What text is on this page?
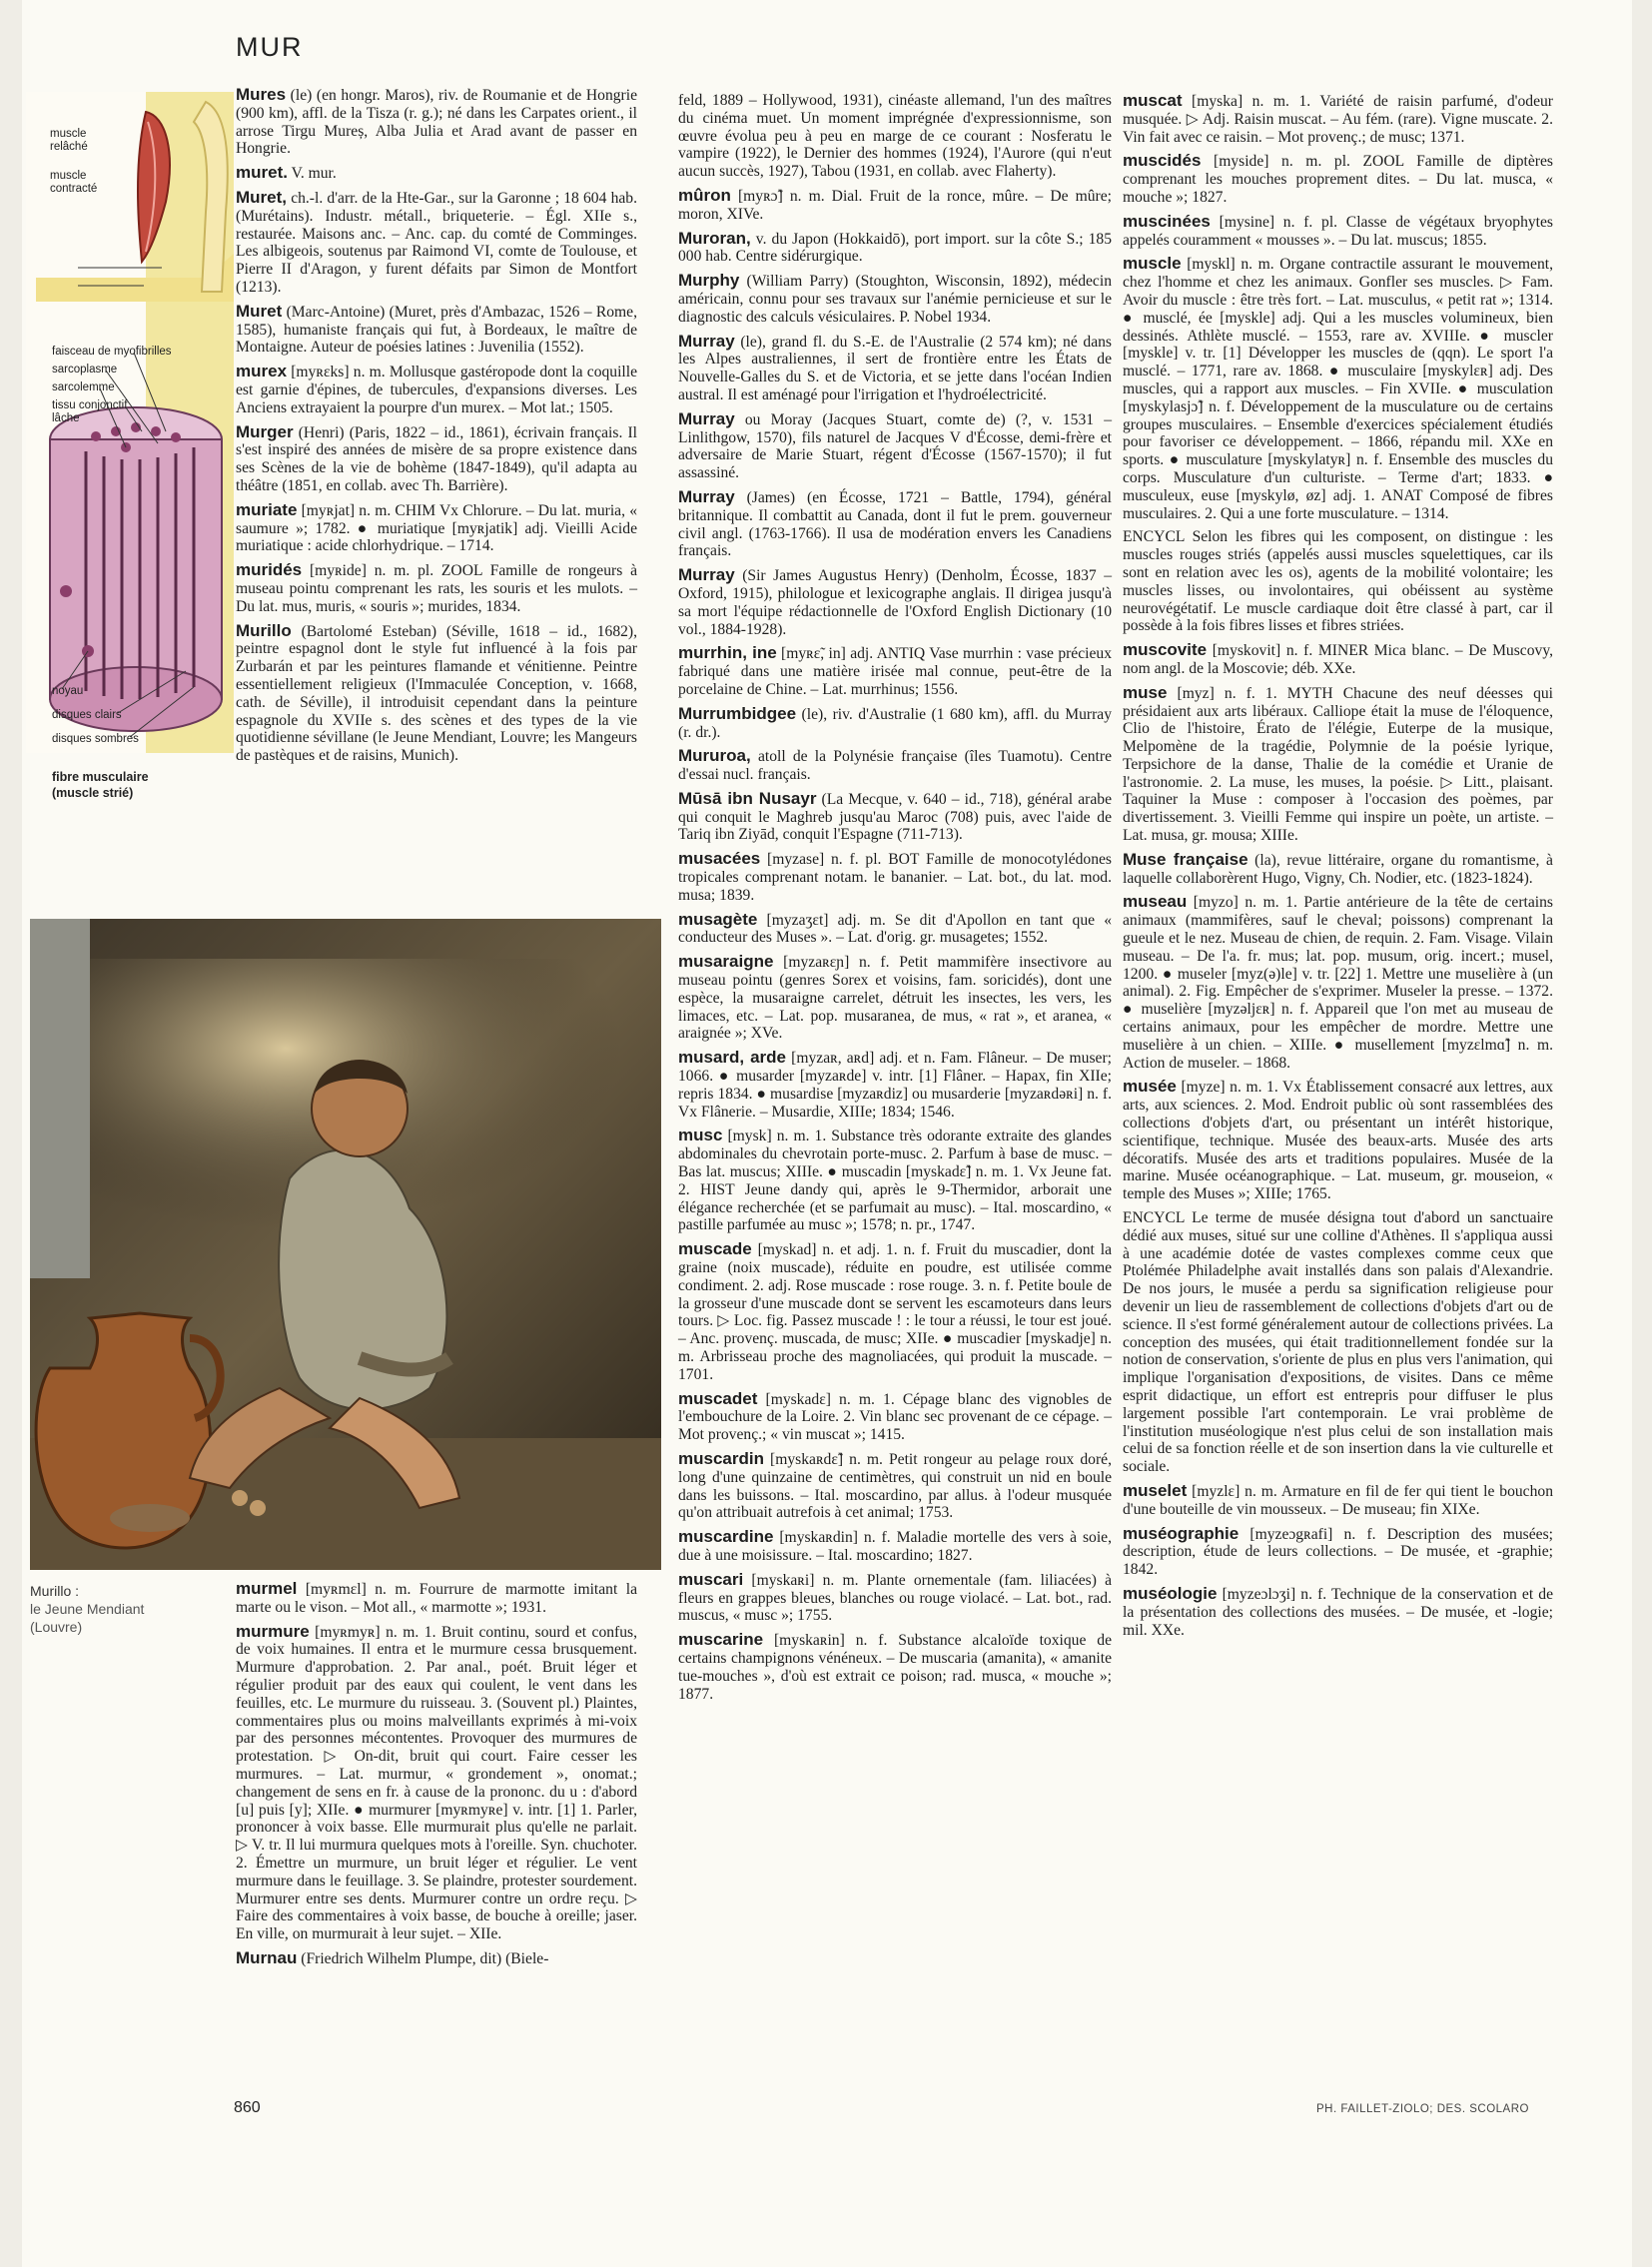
MUR

muscle relâché
muscle contracté
faisceau de myofibrilles
sarcoplasme
sarcolemme
tissu conjonctif lâche
noyau
disques clairs
disques sombres
fibre musculaire (muscle strié)

Mures (le) (en hongr. Maros), riv. de Roumanie et de Hongrie (900 km), affl. de la Tisza (r. g.); né dans les Carpates orient., il arrose Tirgu Mureș, Alba Julia et Arad avant de passer en Hongrie.

muret. V. mur.

Muret, ch.-l. d'arr. de la Hte-Gar., sur la Garonne ; 18 604 hab. (Murétains). Industr. métall., briqueterie. – Égl. XIIe s., restaurée. Maisons anc. – Anc. cap. du comté de Comminges. Les albigeois, soutenus par Raimond VI, comte de Toulouse, et Pierre II d'Aragon, y furent défaits par Simon de Montfort (1213).

Muret (Marc-Antoine) (Muret, près d'Ambazac, 1526 – Rome, 1585), humaniste français qui fut, à Bordeaux, le maître de Montaigne. Auteur de poésies latines : Juvenilia (1552).

murex [myʀɛks] n. m. Mollusque gastéropode dont la coquille est garnie d'épines, de tubercules, d'expansions diverses. Les Anciens extrayaient la pourpre d'un murex. – Mot lat.; 1505.

Murger (Henri) (Paris, 1822 – id., 1861), écrivain français. Il s'est inspiré des années de misère de sa propre existence dans ses Scènes de la vie de bohème (1847-1849), qu'il adapta au théâtre (1851, en collab. avec Th. Barrière).

muriate [myʀjat] n. m. CHIM Vx Chlorure. – Du lat. muria, « saumure »; 1782. ● muriatique [myʀjatik] adj. Vieilli Acide muriatique : acide chlorhydrique. – 1714.

muridés [myʀide] n. m. pl. ZOOL Famille de rongeurs à museau pointu comprenant les rats, les souris et les mulots. – Du lat. mus, muris, « souris »; murides, 1834.

Murillo (Bartolomé Esteban) (Séville, 1618 – id., 1682), peintre espagnol dont le style fut influencé à la fois par Zurbarán et par les peintures flamande et vénitienne. Peintre essentiellement religieux (l'Immaculée Conception, v. 1668, cath. de Séville), il introduisit cependant dans la peinture espagnole du XVIIe s. des scènes et des types de la vie quotidienne sévillane (le Jeune Mendiant, Louvre; les Mangeurs de pastèques et de raisins, Munich).

Murillo :
le Jeune Mendiant
(Louvre)

murmel [myʀmɛl] n. m. Fourrure de marmotte imitant la marte ou le vison. – Mot all., « marmotte »; 1931.

murmure [myʀmyʀ] n. m. 1. Bruit continu, sourd et confus, de voix humaines. Il entra et le murmure cessa brusquement. Murmure d'approbation. 2. Par anal., poét. Bruit léger et régulier produit par des eaux qui coulent, le vent dans les feuilles, etc. Le murmure du ruisseau. 3. (Souvent pl.) Plaintes, commentaires plus ou moins malveillants exprimés à mi-voix par des personnes mécontentes. Provoquer des murmures de protestation. ▷ On-dit, bruit qui court. Faire cesser les murmures. – Lat. murmur, « grondement », onomat.; changement de sens en fr. à cause de la prononc. du u : d'abord [u] puis [y]; XIIe. ● murmurer [myʀmyʀe] v. intr. [1] 1. Parler, prononcer à voix basse. Elle murmurait plus qu'elle ne parlait. ▷ V. tr. Il lui murmura quelques mots à l'oreille. Syn. chuchoter. 2. Émettre un murmure, un bruit léger et régulier. Le vent murmure dans le feuillage. 3. Se plaindre, protester sourdement. Murmurer entre ses dents. Murmurer contre un ordre reçu. ▷ Faire des commentaires à voix basse, de bouche à oreille; jaser. En ville, on murmurait à leur sujet. – XIIe.

Murnau (Friedrich Wilhelm Plumpe, dit) (Biele-

feld, 1889 – Hollywood, 1931), cinéaste allemand, l'un des maîtres du cinéma muet. Un moment imprégnée d'expressionnisme, son œuvre évolua peu à peu en marge de ce courant : Nosferatu le vampire (1922), le Dernier des hommes (1924), l'Aurore (qui n'eut aucun succès, 1927), Tabou (1931, en collab. avec Flaherty).

mûron [myʀɔ̃] n. m. Dial. Fruit de la ronce, mûre. – De mûre; moron, XIVe.

Muroran, v. du Japon (Hokkaidō), port import. sur la côte S.; 185 000 hab. Centre sidérurgique.

Murphy (William Parry) (Stoughton, Wisconsin, 1892), médecin américain, connu pour ses travaux sur l'anémie pernicieuse et sur le diagnostic des calculs vésiculaires. P. Nobel 1934.

Murray (le), grand fl. du S.-E. de l'Australie (2 574 km); né dans les Alpes australiennes, il sert de frontière entre les États de Nouvelle-Galles du S. et de Victoria, et se jette dans l'océan Indien austral. Il est aménagé pour l'irrigation et l'hydroélectricité.

Murray ou Moray (Jacques Stuart, comte de) (?, v. 1531 – Linlithgow, 1570), fils naturel de Jacques V d'Écosse, demi-frère et adversaire de Marie Stuart, régent d'Écosse (1567-1570); il fut assassiné.

Murray (James) (en Écosse, 1721 – Battle, 1794), général britannique. Il combattit au Canada, dont il fut le prem. gouverneur civil angl. (1763-1766). Il usa de modération envers les Canadiens français.

Murray (Sir James Augustus Henry) (Denholm, Écosse, 1837 – Oxford, 1915), philologue et lexicographe anglais. Il dirigea jusqu'à sa mort l'équipe rédactionnelle de l'Oxford English Dictionary (10 vol., 1884-1928).

murrhin, ine [myʀɛ̃, in] adj. ANTIQ Vase murrhin : vase précieux fabriqué dans une matière irisée mal connue, peut-être de la porcelaine de Chine. – Lat. murrhinus; 1556.

Murrumbidgee (le), riv. d'Australie (1 680 km), affl. du Murray (r. dr.).

Mururoa, atoll de la Polynésie française (îles Tuamotu). Centre d'essai nucl. français.

Mūsā ibn Nusayr (La Mecque, v. 640 – id., 718), général arabe qui conquit le Maghreb jusqu'au Maroc (708) puis, avec l'aide de Tariq ibn Ziyād, conquit l'Espagne (711-713).

musacées [myzase] n. f. pl. BOT Famille de monocotylédones tropicales comprenant notam. le bananier. – Lat. bot., du lat. mod. musa; 1839.

musagète [myzaʒɛt] adj. m. Se dit d'Apollon en tant que « conducteur des Muses ». – Lat. d'orig. gr. musagetes; 1552.

musaraigne [myzaʀɛɲ] n. f. Petit mammifère insectivore au museau pointu (genres Sorex et voisins, fam. soricidés), dont une espèce, la musaraigne carrelet, détruit les insectes, les vers, les limaces, etc. – Lat. pop. musaranea, de mus, « rat », et aranea, « araignée »; XVe.

musard, arde [myzaʀ, aʀd] adj. et n. Fam. Flâneur. – De muser; 1066. ● musarder [myzaʀde] v. intr. [1] Flâner. – Hapax, fin XIIe; repris 1834. ● musardise [myzaʀdiz] ou musarderie [myzaʀdəʀi] n. f. Vx Flânerie. – Musardie, XIIIe; 1834; 1546.

musc [mysk] n. m. 1. Substance très odorante extraite des glandes abdominales du chevrotain porte-musc. 2. Parfum à base de musc. – Bas lat. muscus; XIIIe. ● muscadin [myskadɛ̃] n. m. 1. Vx Jeune fat. 2. HIST Jeune dandy qui, après le 9-Thermidor, arborait une élégance recherchée (et se parfumait au musc). – Ital. moscardino, « pastille parfumée au musc »; 1578; n. pr., 1747.

muscade [myskad] n. et adj. 1. n. f. Fruit du muscadier, dont la graine (noix muscade), réduite en poudre, est utilisée comme condiment. 2. adj. Rose muscade : rose rouge. 3. n. f. Petite boule de la grosseur d'une muscade dont se servent les escamoteurs dans leurs tours. ▷ Loc. fig. Passez muscade ! : le tour a réussi, le tour est joué. – Anc. provenç. muscada, de musc; XIIe. ● muscadier [myskadje] n. m. Arbrisseau proche des magnoliacées, qui produit la muscade. – 1701.

muscadet [myskadɛ] n. m. 1. Cépage blanc des vignobles de l'embouchure de la Loire. 2. Vin blanc sec provenant de ce cépage. – Mot provenç.; « vin muscat »; 1415.

muscardin [myskaʀdɛ̃] n. m. Petit rongeur au pelage roux doré, long d'une quinzaine de centimètres, qui construit un nid en boule dans les buissons. – Ital. moscardino, par allus. à l'odeur musquée qu'on attribuait autrefois à cet animal; 1753.

muscardine [myskaʀdin] n. f. Maladie mortelle des vers à soie, due à une moisissure. – Ital. moscardino; 1827.

muscari [myskaʀi] n. m. Plante ornementale (fam. liliacées) à fleurs en grappes bleues, blanches ou rouge violacé. – Lat. bot., rad. muscus, « musc »; 1755.

muscarine [myskaʀin] n. f. Substance alcaloïde toxique de certains champignons vénéneux. – De muscaria (amanita), « amanite tue-mouches », d'où est extrait ce poison; rad. musca, « mouche »; 1877.

muscat [myska] n. m. 1. Variété de raisin parfumé, d'odeur musquée. ▷ Adj. Raisin muscat. – Au fém. (rare). Vigne muscate. 2. Vin fait avec ce raisin. – Mot provenç.; de musc; 1371.

muscidés [myside] n. m. pl. ZOOL Famille de diptères comprenant les mouches proprement dites. – Du lat. musca, « mouche »; 1827.

muscinées [mysine] n. f. pl. Classe de végétaux bryophytes appelés couramment « mousses ». – Du lat. muscus; 1855.

muscle [myskl] n. m. Organe contractile assurant le mouvement, chez l'homme et chez les animaux. Gonfler ses muscles. ▷ Fam. Avoir du muscle : être très fort. – Lat. musculus, « petit rat »; 1314. ● musclé, ée [myskle] adj. Qui a les muscles volumineux, bien dessinés. Athlète musclé. – 1553, rare av. XVIIIe. ● muscler [myskle] v. tr. [1] Développer les muscles de (qqn). Le sport l'a musclé. – 1771, rare av. 1868. ● musculaire [myskylɛʀ] adj. Des muscles, qui a rapport aux muscles. – Fin XVIIe. ● musculation [myskylasjɔ̃] n. f. Développement de la musculature ou de certains groupes musculaires. – Ensemble d'exercices spécialement étudiés pour favoriser ce développement. – 1866, répandu mil. XXe en sports. ● musculature [myskylatyʀ] n. f. Ensemble des muscles du corps. Musculature d'un culturiste. – Terme d'art; 1833. ● musculeux, euse [myskylø, øz] adj. 1. ANAT Composé de fibres musculaires. 2. Qui a une forte musculature. – 1314.

ENCYCL Selon les fibres qui les composent, on distingue : les muscles rouges striés (appelés aussi muscles squelettiques, car ils sont en relation avec les os), agents de la mobilité volontaire; les muscles lisses, ou involontaires, qui obéissent au système neurovégétatif. Le muscle cardiaque doit être classé à part, car il possède à la fois fibres lisses et fibres striées.

muscovite [myskovit] n. f. MINER Mica blanc. – De Muscovy, nom angl. de la Moscovie; déb. XXe.

muse [myz] n. f. 1. MYTH Chacune des neuf déesses qui présidaient aux arts libéraux. Calliope était la muse de l'éloquence, Clio de l'histoire, Érato de l'élégie, Euterpe de la musique, Melpomène de la tragédie, Polymnie de la poésie lyrique, Terpsichore de la danse, Thalie de la comédie et Uranie de l'astronomie. 2. La muse, les muses, la poésie. ▷ Litt., plaisant. Taquiner la Muse : composer à l'occasion des poèmes, par divertissement. 3. Vieilli Femme qui inspire un poète, un artiste. – Lat. musa, gr. mousa; XIIIe.

Muse française (la), revue littéraire, organe du romantisme, à laquelle collaborèrent Hugo, Vigny, Ch. Nodier, etc. (1823-1824).

museau [myzo] n. m. 1. Partie antérieure de la tête de certains animaux (mammifères, sauf le cheval; poissons) comprenant la gueule et le nez. Museau de chien, de requin. 2. Fam. Visage. Vilain museau. – De l'a. fr. mus; lat. pop. musum, orig. incert.; musel, 1200. ● museler [myz(ə)le] v. tr. [22] 1. Mettre une muselière à (un animal). 2. Fig. Empêcher de s'exprimer. Museler la presse. – 1372. ● muselière [myzəljɛʀ] n. f. Appareil que l'on met au museau de certains animaux, pour les empêcher de mordre. Mettre une muselière à un chien. – XIIIe. ● musellement [myzɛlmɑ̃] n. m. Action de museler. – 1868.

musée [myze] n. m. 1. Vx Établissement consacré aux lettres, aux arts, aux sciences. 2. Mod. Endroit public où sont rassemblées des collections d'objets d'art, ou présentant un intérêt historique, scientifique, technique. Musée des beaux-arts. Musée des arts décoratifs. Musée des arts et traditions populaires. Musée de la marine. Musée océanographique. – Lat. museum, gr. mouseion, « temple des Muses »; XIIIe; 1765.

ENCYCL Le terme de musée désigna tout d'abord un sanctuaire dédié aux muses, situé sur une colline d'Athènes. Il s'appliqua aussi à une académie dotée de vastes complexes comme ceux que Ptolémée Philadelphe avait installés dans son palais d'Alexandrie. De nos jours, le musée a perdu sa signification religieuse pour devenir un lieu de rassemblement de collections d'objets d'art ou de science. Il s'est formé généralement autour de collections privées. La conception des musées, qui était traditionnellement fondée sur la notion de conservation, s'oriente de plus en plus vers l'animation, qui implique l'organisation d'expositions, de visites. Dans ce même esprit didactique, un effort est entrepris pour diffuser le plus largement possible l'art contemporain. Le vrai problème de l'institution muséologique n'est plus celui de son installation mais celui de sa fonction réelle et de son insertion dans la vie culturelle et sociale.

muselet [myzlɛ] n. m. Armature en fil de fer qui tient le bouchon d'une bouteille de vin mousseux. – De museau; fin XIXe.

muséographie [myzeɔgʀafi] n. f. Description des musées; description, étude de leurs collections. – De musée, et -graphie; 1842.

muséologie [myzeɔlɔʒi] n. f. Technique de la conservation et de la présentation des collections des musées. – De musée, et -logie; mil. XXe.

860	PH. FAILLET-ZIOLO; DES. SCOLARO
